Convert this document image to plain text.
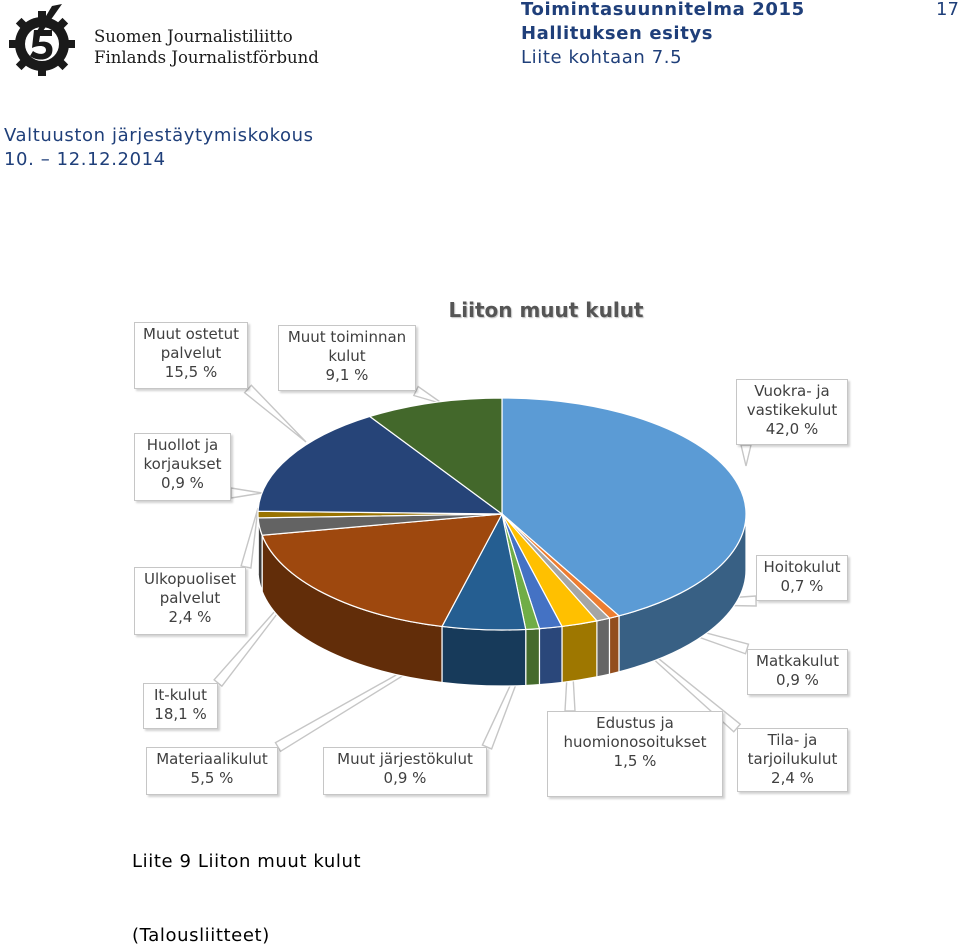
Suomen Journalistiliitto
Finlands Journalistförbund
Toimintasuunnitelma 2015
Hallituksen esitys
Liite kohtaan 7.5
17
Valtuuston järjestäytymiskokous
10. – 12.12.2014
Liiton muut kulut
Vuokra- ja
vastikekulut
42,0 %
Hoitokulut
0,7 %
Matkakulut
0,9 %
Tila- ja
tarjoilukulut
2,4 %
Edustus ja
huomionosoitukset
1,5 %
Muut järjestökulut
0,9 %
Materiaalikulut
5,5 %
It-kulut
18,1 %
Ulkopuoliset
palvelut
2,4 %
Huollot ja
korjaukset
0,9 %
Muut ostetut
palvelut
15,5 %
Muut toiminnan
kulut
9,1 %
Liite 9 Liiton muut kulut
(Talousliitteet)
